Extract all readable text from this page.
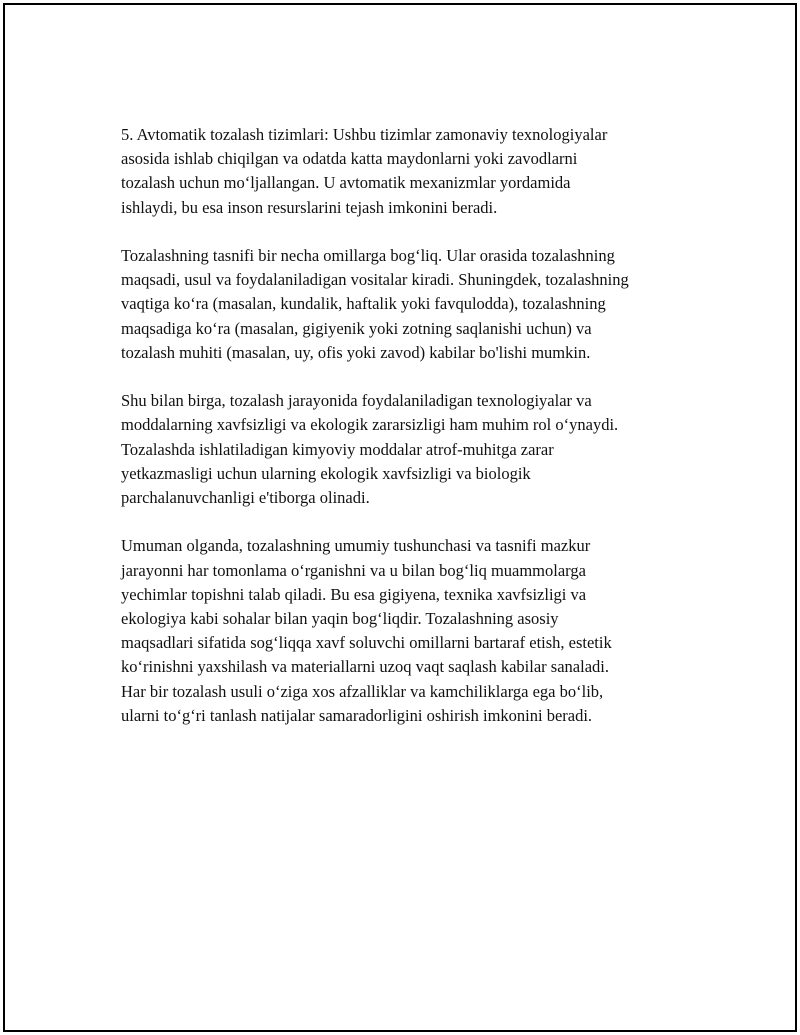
5. Avtomatik tozalash tizimlari: Ushbu tizimlar zamonaviy texnologiyalar
asosida ishlab chiqilgan va odatda katta maydonlarni yoki zavodlarni
tozalash uchun mo‘ljallangan. U avtomatik mexanizmlar yordamida
ishlaydi, bu esa inson resurslarini tejash imkonini beradi.

Tozalashning tasnifi bir necha omillarga bog‘liq. Ular orasida tozalashning
maqsadi, usul va foydalaniladigan vositalar kiradi. Shuningdek, tozalashning
vaqtiga ko‘ra (masalan, kundalik, haftalik yoki favqulodda), tozalashning
maqsadiga ko‘ra (masalan, gigiyenik yoki zotning saqlanishi uchun) va
tozalash muhiti (masalan, uy, ofis yoki zavod) kabilar bo'lishi mumkin.

Shu bilan birga, tozalash jarayonida foydalaniladigan texnologiyalar va
moddalarning xavfsizligi va ekologik zararsizligi ham muhim rol o‘ynaydi.
Tozalashda ishlatiladigan kimyoviy moddalar atrof-muhitga zarar
yetkazmasligi uchun ularning ekologik xavfsizligi va biologik
parchalanuvchanligi e'tiborga olinadi.

Umuman olganda, tozalashning umumiy tushunchasi va tasnifi mazkur
jarayonni har tomonlama o‘rganishni va u bilan bog‘liq muammolarga
yechimlar topishni talab qiladi. Bu esa gigiyena, texnika xavfsizligi va
ekologiya kabi sohalar bilan yaqin bog‘liqdir. Tozalashning asosiy
maqsadlari sifatida sog‘liqqa xavf soluvchi omillarni bartaraf etish, estetik
ko‘rinishni yaxshilash va materiallarni uzoq vaqt saqlash kabilar sanaladi.
Har bir tozalash usuli o‘ziga xos afzalliklar va kamchiliklarga ega bo‘lib,
ularni to‘g‘ri tanlash natijalar samaradorligini oshirish imkonini beradi.
